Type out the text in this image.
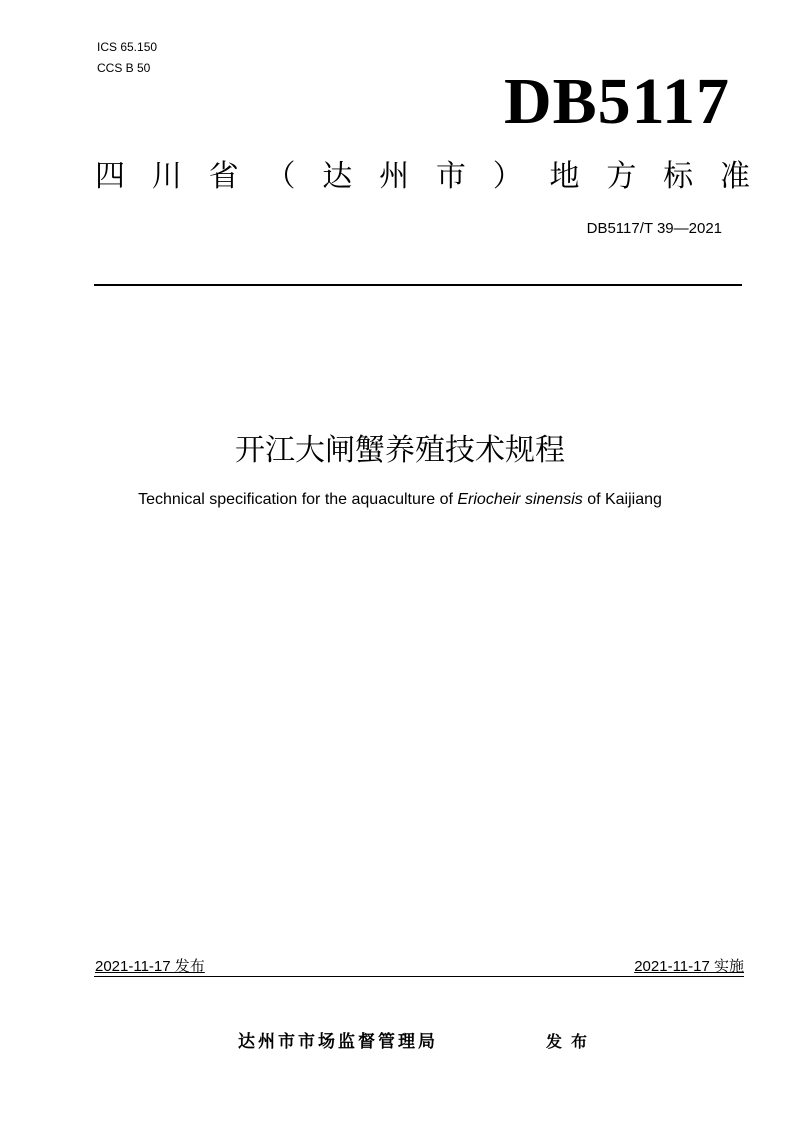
ICS 65.150
CCS B 50	DB5117
四 川 省 （ 达 州 市 ） 地 方 标 准
DB5117/T 39—2021
开江大闸蟹养殖技术规程
Technical specification for the aquaculture of Eriocheir sinensis of Kaijiang
2021-11-17 发布	2021-11-17 实施
达州市市场监督管理局	发布
